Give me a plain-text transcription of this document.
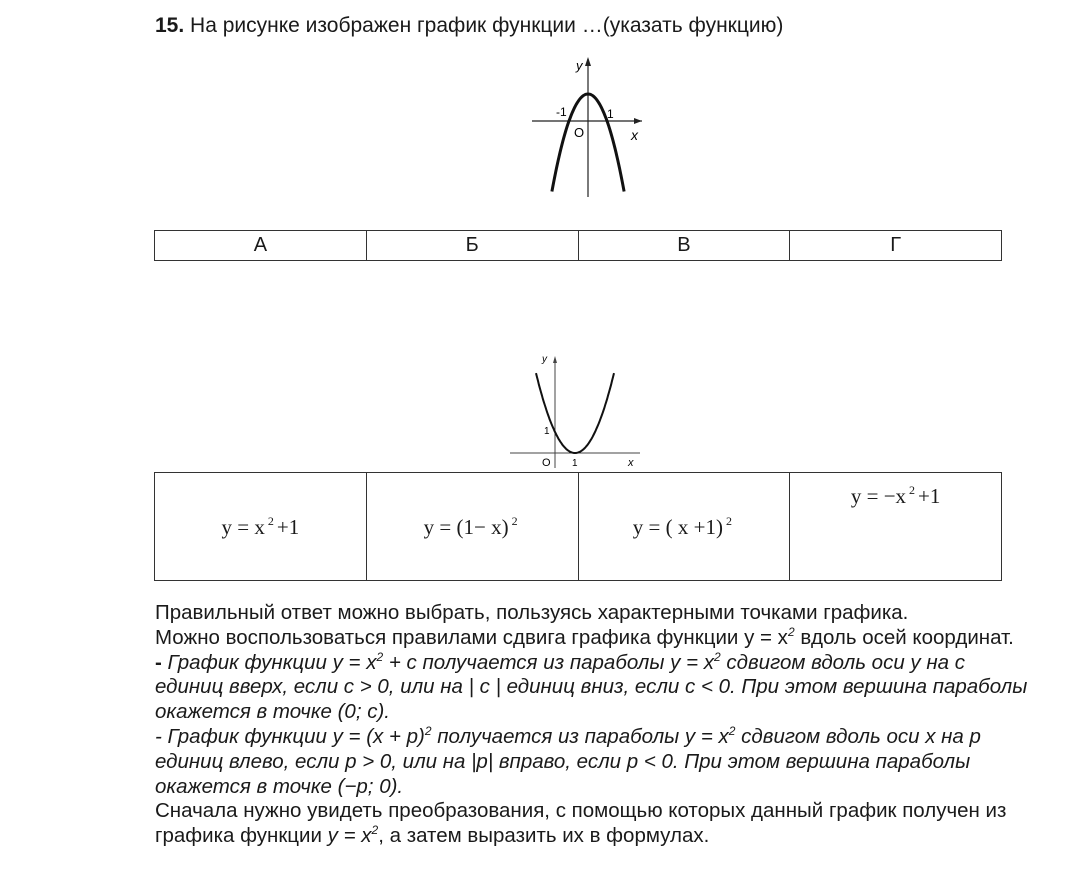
15. На рисунке изображен график функции …(указать функцию)
y
x
O
-1	1
А	Б	В	Г
y
x
O
1
1
y = x $^2$ +1	y = (1− x) $^2$	y = ( x +1) $^2$	y = −x $^2$ +1

Правильный ответ можно выбрать, пользуясь характерными точками графика.

Можно воспользоваться правилами сдвига графика функции $y = x^2$ вдоль осей координат.

- График функции $y = x^2 + c$ получается из параболы $y = x^2$ сдвигом вдоль оси y на c единиц вверх, если c > 0, или на | c | единиц вниз, если c < 0. При этом вершина параболы окажется в точке (0; c).

- График функции $y = (x + p)^2$ получается из параболы $y = x^2$ сдвигом вдоль оси x на p единиц влево, если p > 0, или на |p| вправо, если p < 0. При этом вершина параболы окажется в точке (−p; 0).

Сначала нужно увидеть преобразования, с помощью которых данный график получен из графика функции $y = x^2$, а затем выразить их в формулах.
